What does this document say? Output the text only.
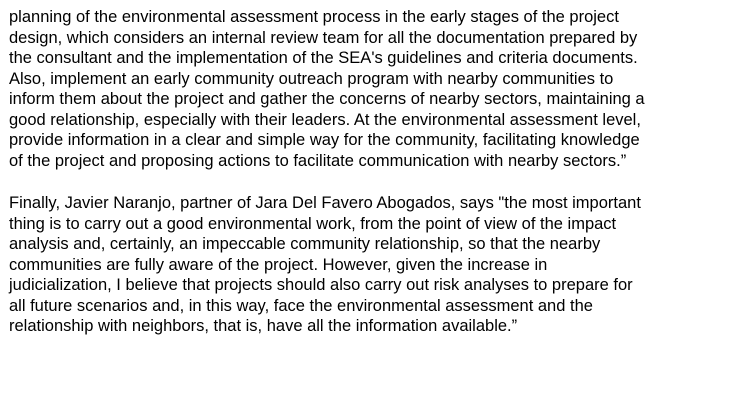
planning of the environmental assessment process in the early stages of the project
design, which considers an internal review team for all the documentation prepared by
the consultant and the implementation of the SEA's guidelines and criteria documents.
Also, implement an early community outreach program with nearby communities to
inform them about the project and gather the concerns of nearby sectors, maintaining a
good relationship, especially with their leaders. At the environmental assessment level,
provide information in a clear and simple way for the community, facilitating knowledge
of the project and proposing actions to facilitate communication with nearby sectors.”
Finally, Javier Naranjo, partner of Jara Del Favero Abogados, says "the most important
thing is to carry out a good environmental work, from the point of view of the impact
analysis and, certainly, an impeccable community relationship, so that the nearby
communities are fully aware of the project. However, given the increase in
judicialization, I believe that projects should also carry out risk analyses to prepare for
all future scenarios and, in this way, face the environmental assessment and the
relationship with neighbors, that is, have all the information available.”
